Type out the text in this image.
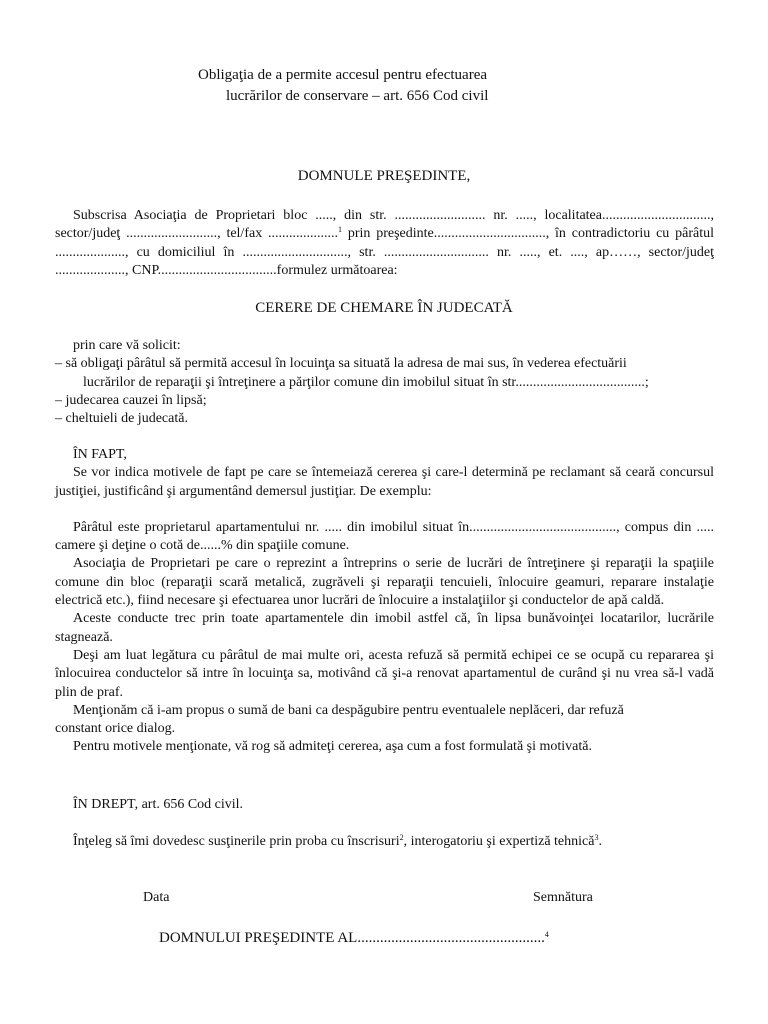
Obligaţia de a permite accesul pentru efectuarea
lucrărilor de conservare – art. 656 Cod civil
DOMNULE PREŞEDINTE,

Subscrisa Asociaţia de Proprietari bloc ....., din str. .......................... nr. ....., localitatea..............................., sector/judeţ .........................., tel/fax ....................$^1$ prin preşedinte................................, în contradictoriu cu pârâtul ...................., cu domiciliul în .............................., str. .............................. nr. ....., et. ...., ap……, sector/judeţ ...................., CNP..................................formulez următoarea:

CERERE DE CHEMARE ÎN JUDECATĂ

prin care vă solicit:

– să obligaţi pârâtul să permită accesul în locuinţa sa situată la adresa de mai sus, în vederea efectuării

lucrărilor de reparaţii şi întreţinere a părţilor comune din imobilul situat în str.....................................;

– judecarea cauzei în lipsă;

– cheltuieli de judecată.

ÎN FAPT,

Se vor indica motivele de fapt pe care se întemeiază cererea şi care-l determină pe reclamant să ceară concursul justiţiei, justificând şi argumentând demersul justiţiar. De exemplu:

Pârâtul este proprietarul apartamentului nr. ..... din imobilul situat în.........................................., compus din ..... camere şi deţine o cotă de......% din spaţiile comune.

Asociaţia de Proprietari pe care o reprezint a întreprins o serie de lucrări de întreţinere şi reparaţii la spaţiile comune din bloc (reparaţii scară metalică, zugrăveli şi reparaţii tencuieli, înlocuire geamuri, reparare instalaţie electrică etc.), fiind necesare şi efectuarea unor lucrări de înlocuire a instalaţiilor şi conductelor de apă caldă.

Aceste conducte trec prin toate apartamentele din imobil astfel că, în lipsa bunăvoinţei locatarilor, lucrările stagnează.

Deşi am luat legătura cu pârâtul de mai multe ori, acesta refuză să permită echipei ce se ocupă cu repararea şi înlocuirea conductelor să intre în locuinţa sa, motivând că şi-a renovat apartamentul de curând şi nu vrea să-l vadă plin de praf.

Menţionăm că i-am propus o sumă de bani ca despăgubire pentru eventualele neplăceri, dar refuză

constant orice dialog.

Pentru motivele menţionate, vă rog să admiteţi cererea, aşa cum a fost formulată şi motivată.

ÎN DREPT, art. 656 Cod civil.

Înţeleg să îmi dovedesc susţinerile prin proba cu înscrisuri$^2$, interogatoriu şi expertiză tehnică$^3$.

Data	Semnătura
DOMNULUI PREŞEDINTE AL..................................................$^4$
